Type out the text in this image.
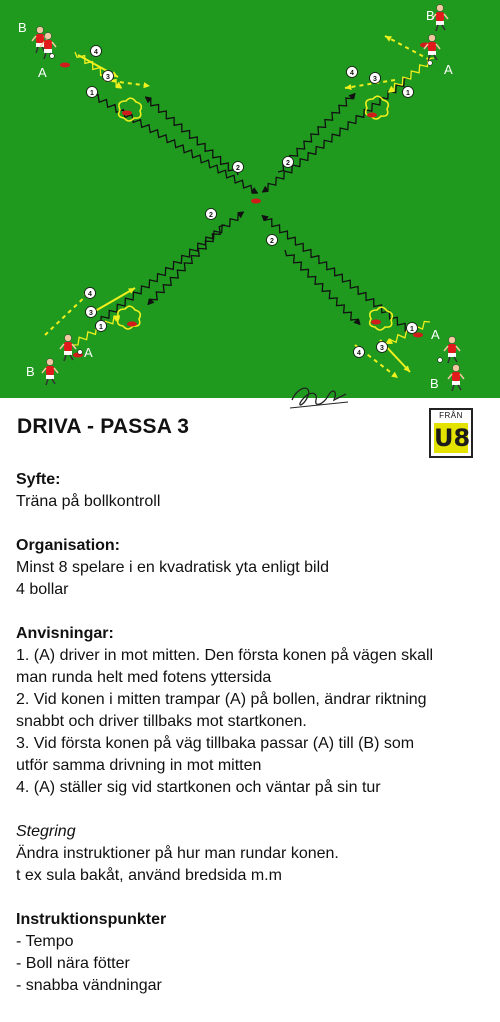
B
A
1
2
3
4
B
A
1
2
3
4
A
B
1
2
3
4
A
B
1
2
3
4
DRIVA - PASSA 3	FRÅN
U8
Syfte:

Träna på bollkontroll

Organisation:

Minst 8 spelare i en kvadratisk yta enligt bild

4 bollar

Anvisningar:

1. (A) driver in mot mitten. Den första konen på vägen skall

man runda helt med fotens yttersida

2. Vid konen i mitten trampar (A) på bollen, ändrar riktning

snabbt och driver tillbaks mot startkonen.

3. Vid första konen på väg tillbaka passar (A) till (B) som

utför samma drivning in mot mitten

4. (A) ställer sig vid startkonen och väntar på sin tur

Stegring

Ändra instruktioner på hur man rundar konen.

t ex sula bakåt, använd bredsida m.m

Instruktionspunkter

- Tempo

- Boll nära fötter

- snabba vändningar
